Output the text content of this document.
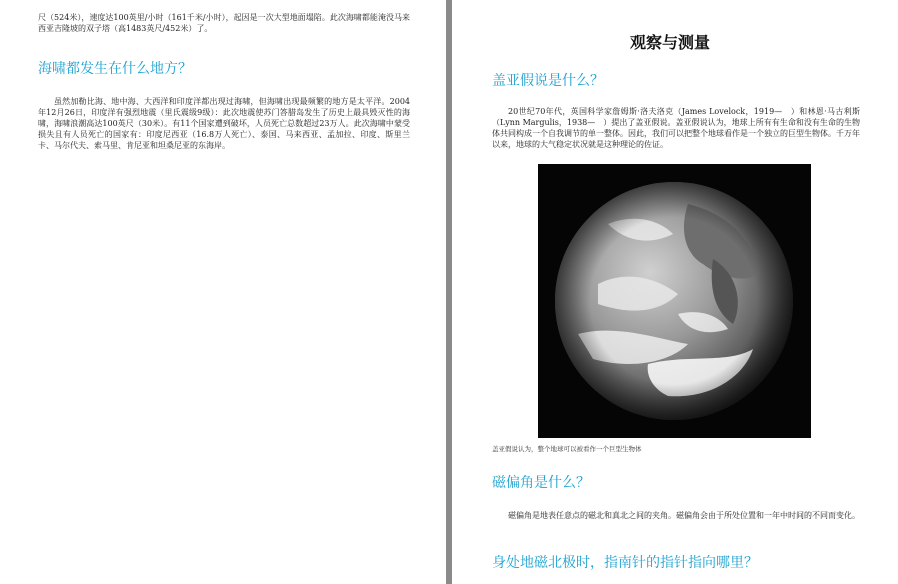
尺（524米），速度达100英里/小时（161千米/小时），起因是一次大型地面塌陷。此次海啸都能淹没马来西亚吉隆坡的双子塔（高1483英尺/452米）了。

海啸都发生在什么地方？

虽然加勒比海、地中海、大西洋和印度洋都出现过海啸，但海啸出现最频繁的地方是太平洋。2004年12月26日，印度洋有强烈地震（里氏震级9级）：此次地震使苏门答腊岛发生了历史上最具毁灭性的海啸，海啸浪潮高达100英尺（30米）。有11个国家遭到破坏，人员死亡总数超过23万人。此次海啸中蒙受损失且有人员死亡的国家有：印度尼西亚（16.8万人死亡）、泰国、马来西亚、孟加拉、印度、斯里兰卡、马尔代夫、索马里、肯尼亚和坦桑尼亚的东海岸。

观察与测量
盖亚假说是什么？

20世纪70年代，英国科学家詹姆斯·洛夫洛克（James Lovelock，1919—　）和林恩·马古利斯（Lynn Margulis，1938—　）提出了盖亚假说。盖亚假说认为，地球上所有有生命和没有生命的生物体共同构成一个自我调节的单一整体。因此，我们可以把整个地球看作是一个独立的巨型生物体。千万年以来，地球的大气稳定状况就是这种理论的佐证。

盖亚假说认为，整个地球可以被看作一个巨型生物体

磁偏角是什么？

磁偏角是地表任意点的磁北和真北之间的夹角。磁偏角会由于所处位置和一年中时间的不同而变化。

身处地磁北极时，指南针的指针指向哪里？
